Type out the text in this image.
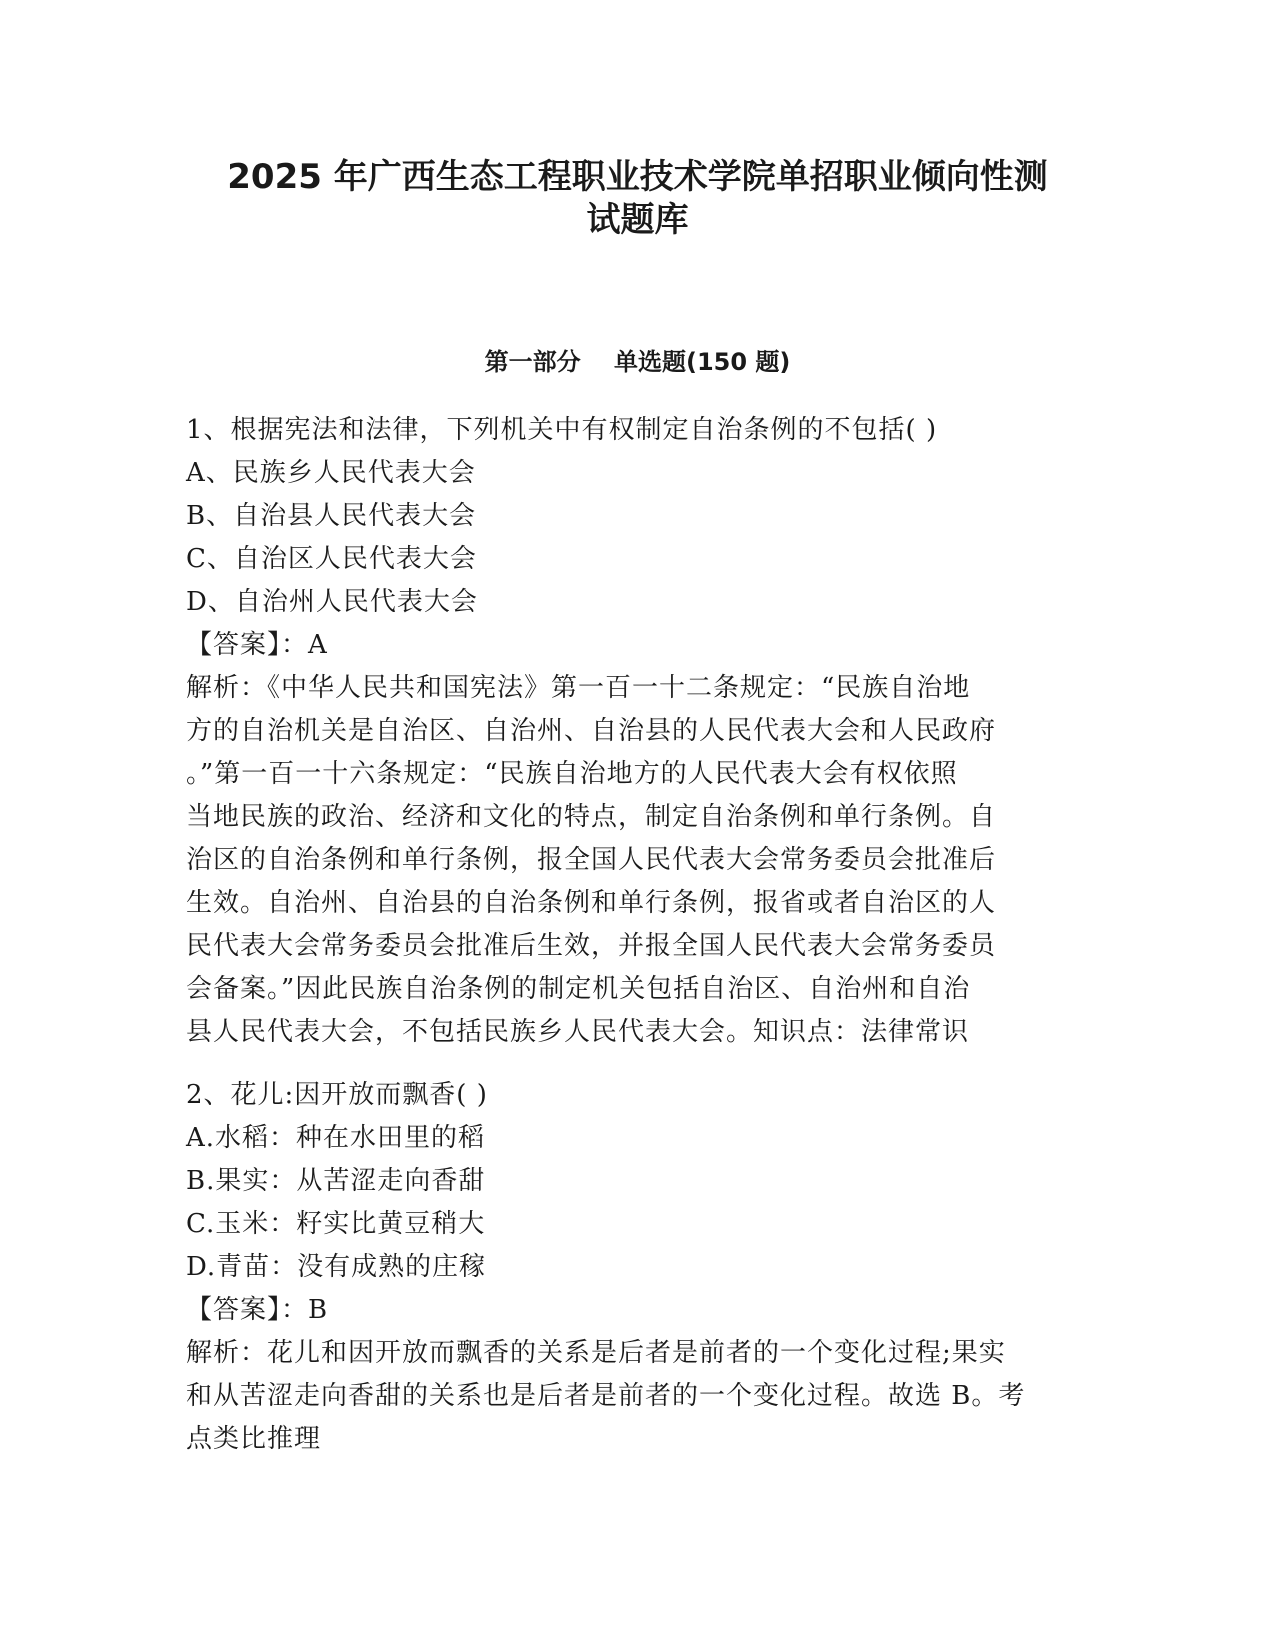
2025 年广西生态工程职业技术学院单招职业倾向性测
试题库
第一部分    单选题(150 题)
1、根据宪法和法律，下列机关中有权制定自治条例的不包括( )
A、民族乡人民代表大会
B、自治县人民代表大会
C、自治区人民代表大会
D、自治州人民代表大会
【答案】：A
解析：《中华人民共和国宪法》第一百一十二条规定：“民族自治地
方的自治机关是自治区、自治州、自治县的人民代表大会和人民政府
。”第一百一十六条规定：“民族自治地方的人民代表大会有权依照
当地民族的政治、经济和文化的特点，制定自治条例和单行条例。自
治区的自治条例和单行条例，报全国人民代表大会常务委员会批准后
生效。自治州、自治县的自治条例和单行条例，报省或者自治区的人
民代表大会常务委员会批准后生效，并报全国人民代表大会常务委员
会备案。”因此民族自治条例的制定机关包括自治区、自治州和自治
县人民代表大会，不包括民族乡人民代表大会。知识点：法律常识
2、花儿:因开放而飘香( )
A.水稻：种在水田里的稻
B.果实：从苦涩走向香甜
C.玉米：籽实比黄豆稍大
D.青苗：没有成熟的庄稼
【答案】：B
解析：花儿和因开放而飘香的关系是后者是前者的一个变化过程;果实
和从苦涩走向香甜的关系也是后者是前者的一个变化过程。故选 B。考
点类比推理
